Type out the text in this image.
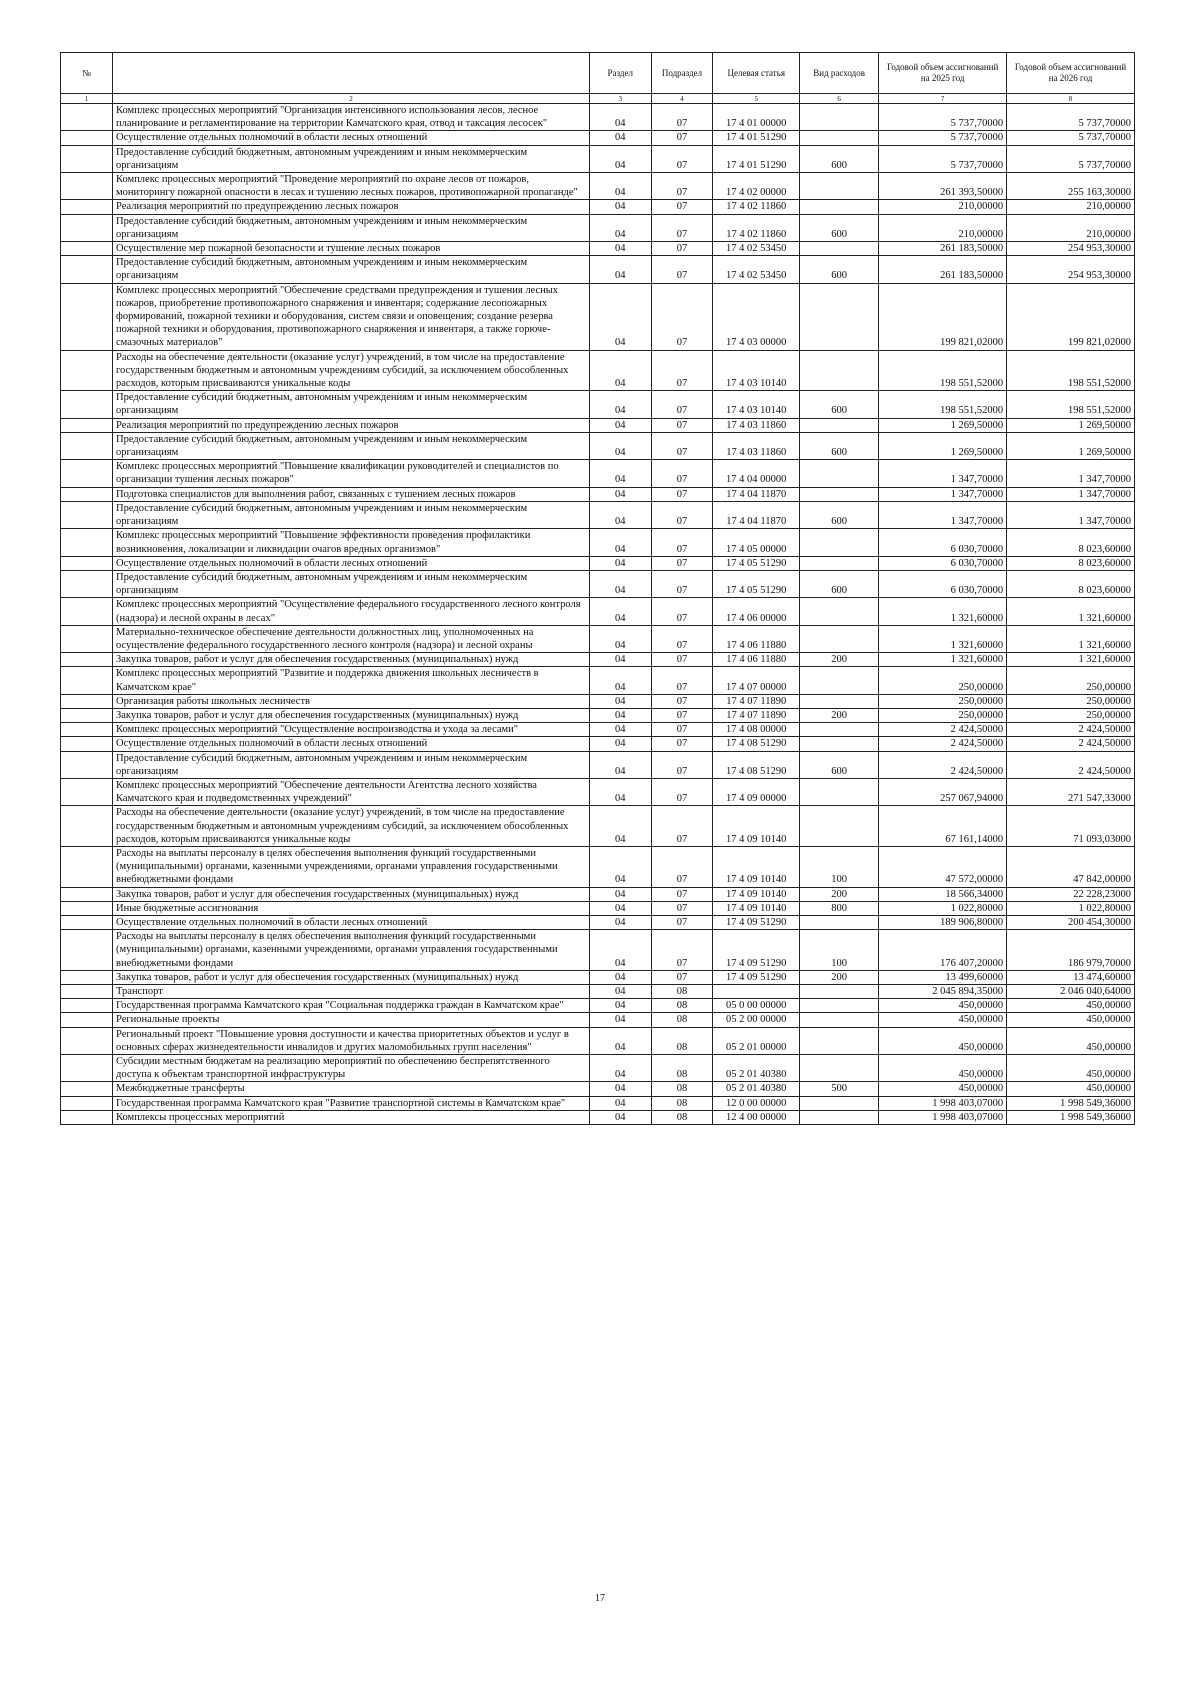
№		Раздел	Подраздел	Целевая статья	Вид расходов	Годовой объем ассигнований на 2025 год	Годовой объем ассигнований на 2026 год
1	2	3	4	5	6	7	8
	Комплекс процессных мероприятий "Организация интенсивного использования лесов, лесное планирование и регламентирование на территории Камчатского края, отвод и таксация лесосек"	04	07	17 4 01 00000		5 737,70000	5 737,70000
	Осуществление отдельных полномочий в области лесных отношений	04	07	17 4 01 51290		5 737,70000	5 737,70000
	Предоставление субсидий бюджетным, автономным учреждениям и иным некоммерческим организациям	04	07	17 4 01 51290	600	5 737,70000	5 737,70000
	Комплекс процессных мероприятий "Проведение мероприятий по охране лесов от пожаров, мониторингу пожарной опасности в лесах и тушению лесных пожаров, противопожарной пропаганде"	04	07	17 4 02 00000		261 393,50000	255 163,30000
	Реализация мероприятий по предупреждению лесных пожаров	04	07	17 4 02 11860		210,00000	210,00000
	Предоставление субсидий бюджетным, автономным учреждениям и иным некоммерческим организациям	04	07	17 4 02 11860	600	210,00000	210,00000
	Осуществление мер пожарной безопасности и тушение лесных пожаров	04	07	17 4 02 53450		261 183,50000	254 953,30000
	Предоставление субсидий бюджетным, автономным учреждениям и иным некоммерческим организациям	04	07	17 4 02 53450	600	261 183,50000	254 953,30000
	Комплекс процессных мероприятий "Обеспечение средствами предупреждения и тушения лесных пожаров, приобретение противопожарного снаряжения и инвентаря; содержание лесопожарных формирований, пожарной техники и оборудования, систем связи и оповещения; создание резерва пожарной техники и оборудования, противопожарного снаряжения и инвентаря, а также горюче-смазочных материалов"	04	07	17 4 03 00000		199 821,02000	199 821,02000
	Расходы на обеспечение деятельности (оказание услуг) учреждений, в том числе на предоставление государственным бюджетным и автономным учреждениям субсидий, за исключением обособленных расходов, которым присваиваются уникальные коды	04	07	17 4 03 10140		198 551,52000	198 551,52000
	Предоставление субсидий бюджетным, автономным учреждениям и иным некоммерческим организациям	04	07	17 4 03 10140	600	198 551,52000	198 551,52000
	Реализация мероприятий по предупреждению лесных пожаров	04	07	17 4 03 11860		1 269,50000	1 269,50000
	Предоставление субсидий бюджетным, автономным учреждениям и иным некоммерческим организациям	04	07	17 4 03 11860	600	1 269,50000	1 269,50000
	Комплекс процессных мероприятий "Повышение квалификации руководителей и специалистов по организации тушения лесных пожаров"	04	07	17 4 04 00000		1 347,70000	1 347,70000
	Подготовка специалистов для выполнения работ, связанных с тушением лесных пожаров	04	07	17 4 04 11870		1 347,70000	1 347,70000
	Предоставление субсидий бюджетным, автономным учреждениям и иным некоммерческим организациям	04	07	17 4 04 11870	600	1 347,70000	1 347,70000
	Комплекс процессных мероприятий "Повышение эффективности проведения профилактики возникновения, локализации и ликвидации очагов вредных организмов"	04	07	17 4 05 00000		6 030,70000	8 023,60000
	Осуществление отдельных полномочий в области лесных отношений	04	07	17 4 05 51290		6 030,70000	8 023,60000
	Предоставление субсидий бюджетным, автономным учреждениям и иным некоммерческим организациям	04	07	17 4 05 51290	600	6 030,70000	8 023,60000
	Комплекс процессных мероприятий "Осуществление федерального государственного лесного контроля (надзора) и лесной охраны в лесах"	04	07	17 4 06 00000		1 321,60000	1 321,60000
	Материально-техническое обеспечение деятельности должностных лиц, уполномоченных на осуществление федерального государственного лесного контроля (надзора) и лесной охраны	04	07	17 4 06 11880		1 321,60000	1 321,60000
	Закупка товаров, работ и услуг для обеспечения государственных (муниципальных) нужд	04	07	17 4 06 11880	200	1 321,60000	1 321,60000
	Комплекс процессных мероприятий "Развитие и поддержка движения школьных лесничеств в Камчатском крае"	04	07	17 4 07 00000		250,00000	250,00000
	Организация работы школьных лесничеств	04	07	17 4 07 11890		250,00000	250,00000
	Закупка товаров, работ и услуг для обеспечения государственных (муниципальных) нужд	04	07	17 4 07 11890	200	250,00000	250,00000
	Комплекс процессных мероприятий "Осуществление воспроизводства и ухода за лесами"	04	07	17 4 08 00000		2 424,50000	2 424,50000
	Осуществление отдельных полномочий в области лесных отношений	04	07	17 4 08 51290		2 424,50000	2 424,50000
	Предоставление субсидий бюджетным, автономным учреждениям и иным некоммерческим организациям	04	07	17 4 08 51290	600	2 424,50000	2 424,50000
	Комплекс процессных мероприятий "Обеспечение деятельности Агентства лесного хозяйства Камчатского края и подведомственных учреждений"	04	07	17 4 09 00000		257 067,94000	271 547,33000
	Расходы на обеспечение деятельности (оказание услуг) учреждений, в том числе на предоставление государственным бюджетным и автономным учреждениям субсидий, за исключением обособленных расходов, которым присваиваются уникальные коды	04	07	17 4 09 10140		67 161,14000	71 093,03000
	Расходы на выплаты персоналу в целях обеспечения выполнения функций государственными (муниципальными) органами, казенными учреждениями, органами управления государственными внебюджетными фондами	04	07	17 4 09 10140	100	47 572,00000	47 842,00000
	Закупка товаров, работ и услуг для обеспечения государственных (муниципальных) нужд	04	07	17 4 09 10140	200	18 566,34000	22 228,23000
	Иные бюджетные ассигнования	04	07	17 4 09 10140	800	1 022,80000	1 022,80000
	Осуществление отдельных полномочий в области лесных отношений	04	07	17 4 09 51290		189 906,80000	200 454,30000
	Расходы на выплаты персоналу в целях обеспечения выполнения функций государственными (муниципальными) органами, казенными учреждениями, органами управления государственными внебюджетными фондами	04	07	17 4 09 51290	100	176 407,20000	186 979,70000
	Закупка товаров, работ и услуг для обеспечения государственных (муниципальных) нужд	04	07	17 4 09 51290	200	13 499,60000	13 474,60000
	Транспорт	04	08			2 045 894,35000	2 046 040,64000
	Государственная программа Камчатского края "Социальная поддержка граждан в Камчатском крае"	04	08	05 0 00 00000		450,00000	450,00000
	Региональные проекты	04	08	05 2 00 00000		450,00000	450,00000
	Региональный проект "Повышение уровня доступности и качества приоритетных объектов и услуг в основных сферах жизнедеятельности инвалидов и других маломобильных групп населения"	04	08	05 2 01 00000		450,00000	450,00000
	Субсидии местным бюджетам на реализацию мероприятий по обеспечению беспрепятственного доступа к объектам транспортной инфраструктуры	04	08	05 2 01 40380		450,00000	450,00000
	Межбюджетные трансферты	04	08	05 2 01 40380	500	450,00000	450,00000
	Государственная программа Камчатского края "Развитие транспортной системы в Камчатском крае"	04	08	12 0 00 00000		1 998 403,07000	1 998 549,36000
	Комплексы процессных мероприятий	04	08	12 4 00 00000		1 998 403,07000	1 998 549,36000
17
